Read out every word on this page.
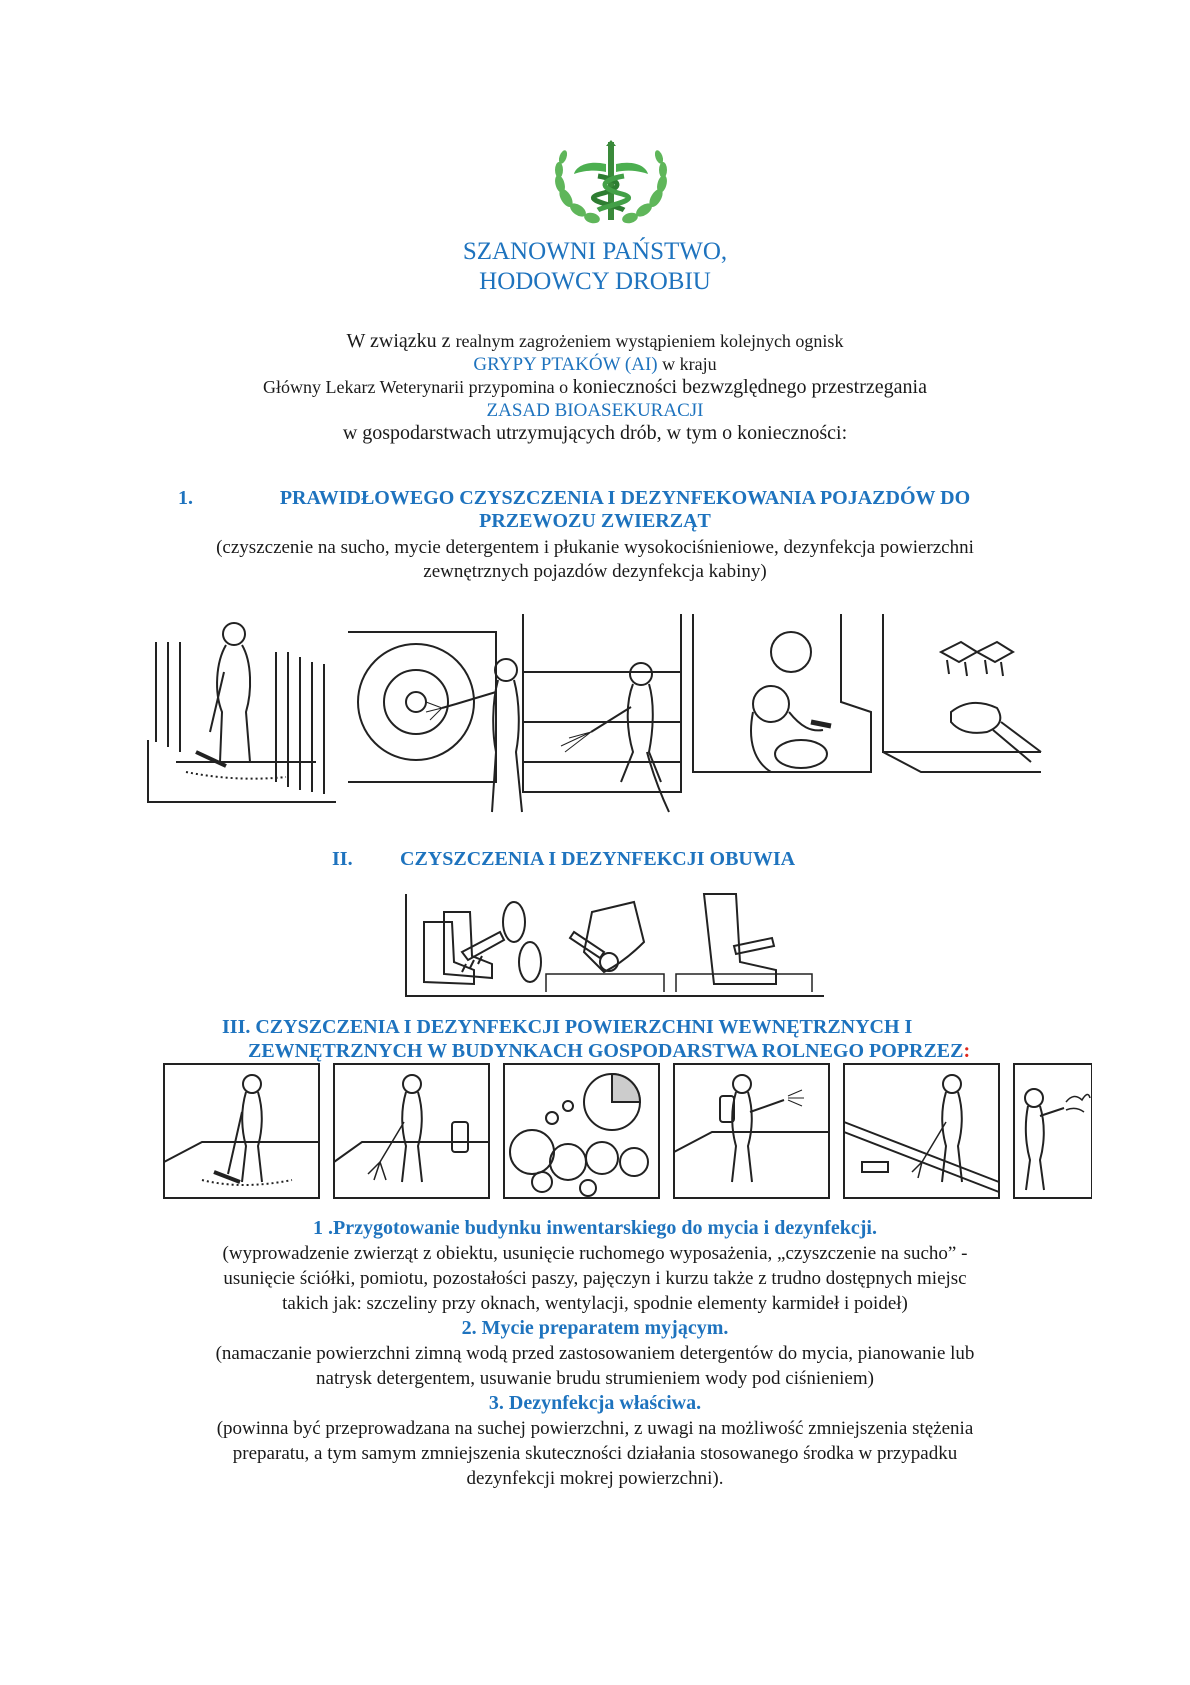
SZANOWNI PAŃSTWO,
HODOWCY DROBIU
W związku z realnym zagrożeniem wystąpieniem kolejnych ognisk
GRYPY PTAKÓW (AI) w kraju
Główny Lekarz Weterynarii przypomina o konieczności bezwzględnego przestrzegania
ZASAD BIOASEKURACJI
w gospodarstwach utrzymujących drób, w tym o konieczności:
1.	PRAWIDŁOWEGO CZYSZCZENIA I DEZYNFEKOWANIA POJAZDÓW DO
PRZEWOZU ZWIERZĄT
(czyszczenie na sucho, mycie detergentem i płukanie wysokociśnieniowe, dezynfekcja powierzchni
zewnętrznych pojazdów dezynfekcja kabiny)
II. CZYSZCZENIA I DEZYNFEKCJI OBUWIA
III. CZYSZCZENIA I DEZYNFEKCJI POWIERZCHNI WEWNĘTRZNYCH I
ZEWNĘTRZNYCH W BUDYNKACH GOSPODARSTWA ROLNEGO POPRZEZ:
1 .Przygotowanie budynku inwentarskiego do mycia i dezynfekcji.
(wyprowadzenie zwierząt z obiektu, usunięcie ruchomego wyposażenia, „czyszczenie na sucho” -
usunięcie ściółki, pomiotu, pozostałości paszy, pajęczyn i kurzu także z trudno dostępnych miejsc
takich jak: szczeliny przy oknach, wentylacji, spodnie elementy karmideł i poideł)
2. Mycie preparatem myjącym.
(namaczanie powierzchni zimną wodą przed zastosowaniem detergentów do mycia, pianowanie lub
natrysk detergentem, usuwanie brudu strumieniem wody pod ciśnieniem)
3. Dezynfekcja właściwa.
(powinna być przeprowadzana na suchej powierzchni, z uwagi na możliwość zmniejszenia stężenia
preparatu, a tym samym zmniejszenia skuteczności działania stosowanego środka w przypadku
dezynfekcji mokrej powierzchni).
